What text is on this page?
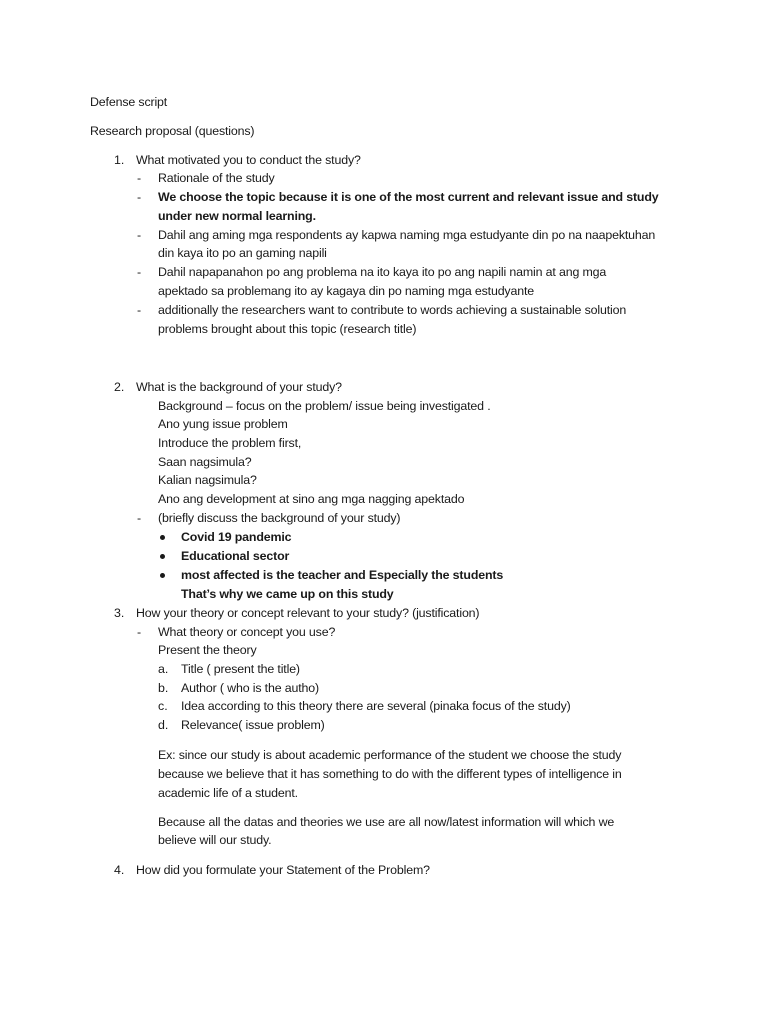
Defense script
Research proposal (questions)
1. What motivated you to conduct the study?
- Rationale of the study
- We choose the topic because it is one of the most current and relevant issue and study
under new normal learning.
- Dahil ang aming mga respondents ay kapwa naming mga estudyante din po na naapektuhan
din kaya ito po an gaming napili
- Dahil napapanahon po ang problema na ito kaya ito po ang napili namin at ang mga
apektado sa problemang ito ay kagaya din po naming mga estudyante
- additionally the researchers want to contribute to words achieving a sustainable solution
problems brought about this topic (research title)
2. What is the background of your study?
Background – focus on the problem/ issue being investigated .
Ano yung issue problem
Introduce the problem first,
Saan nagsimula?
Kalian nagsimula?
Ano ang development at sino ang mga nagging apektado
- (briefly discuss the background of your study)
Covid 19 pandemic
Educational sector
most affected is the teacher and Especially the students
That’s why we came up on this study
3. How your theory or concept relevant to your study? (justification)
- What theory or concept you use?
Present the theory
a. Title ( present the title)
b. Author ( who is the autho)
c. Idea according to this theory there are several (pinaka focus of the study)
d. Relevance( issue problem)
Ex: since our study is about academic performance of the student we choose the study
because we believe that it has something to do with the different types of intelligence in
academic life of a student.
Because all the datas and theories we use are all now/latest information will which we
believe will our study.
4. How did you formulate your Statement of the Problem?
